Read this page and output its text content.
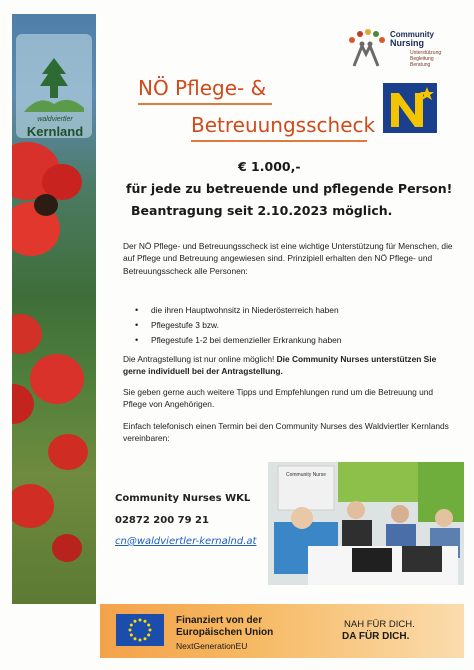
waldviertler
Kernland
Community
Nursing
Unterstützung
Begleitung
Beratung
NÖ Pflege- &
Betreuungsscheck
€ 1.000,-
für jede zu betreuende und pflegende Person!
Beantragung seit 2.10.2023 möglich.
Der NÖ Pflege- und Betreuungsscheck ist eine wichtige Unterstützung für Menschen, die auf Pflege und Betreuung angewiesen sind. Prinzipiell erhalten den NÖ Pflege- und Betreuungsscheck alle Personen:
• die ihren Hauptwohnsitz in Niederösterreich haben
• Pflegestufe 3 bzw.
• Pflegestufe 1-2 bei demenzieller Erkrankung haben
Die Antragstellung ist nur online möglich! Die Community Nurses unterstützen Sie gerne individuell bei der Antragstellung.
Sie geben gerne auch weitere Tipps und Empfehlungen rund um die Betreuung und Pflege von Angehörigen.
Einfach telefonisch einen Termin bei den Community Nurses des Waldviertler Kernlands vereinbaren:
Community Nurses WKL
02872 200 79 21
cn@waldviertler-kernalnd.at
Community Nurse
Finanziert von der
Europäischen Union
NextGenerationEU
NAH FÜR DICH.
DA FÜR DICH.
